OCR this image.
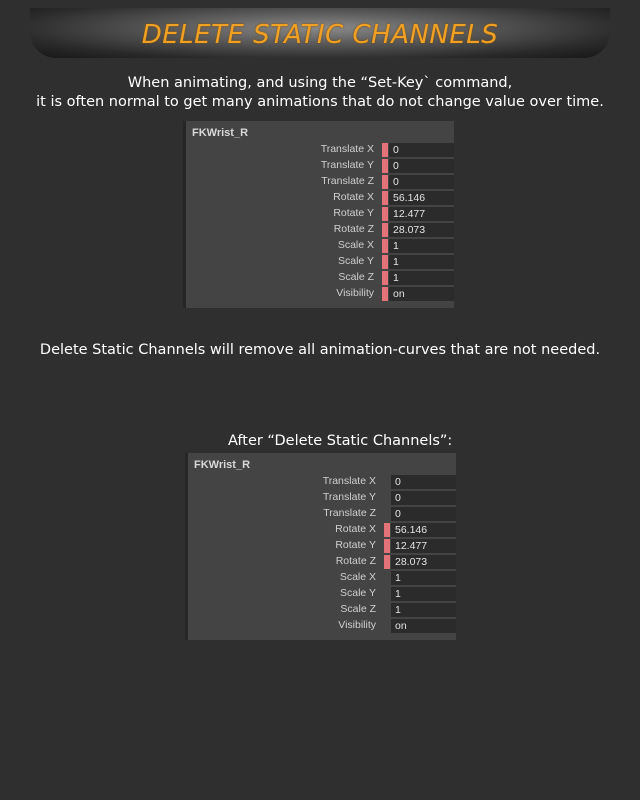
DELETE STATIC CHANNELS
When animating, and using the “Set-Key` command,
it is often normal to get many animations that do not change value over time.
FKWrist_R
Translate X	0
Translate Y	0
Translate Z	0
Rotate X	56.146
Rotate Y	12.477
Rotate Z	28.073
Scale X	1
Scale Y	1
Scale Z	1
Visibility	on
Delete Static Channels will remove all animation-curves that are not needed.
After “Delete Static Channels”:
FKWrist_R
Translate X	0
Translate Y	0
Translate Z	0
Rotate X	56.146
Rotate Y	12.477
Rotate Z	28.073
Scale X	1
Scale Y	1
Scale Z	1
Visibility	on
